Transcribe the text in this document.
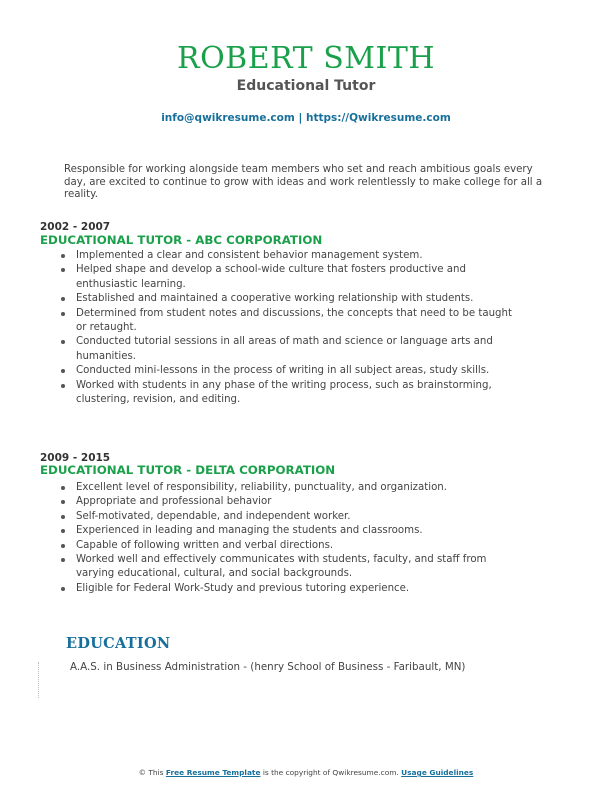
ROBERT SMITH
Educational Tutor
info@qwikresume.com | https://Qwikresume.com
Responsible for working alongside team members who set and reach ambitious goals every day, are excited to continue to grow with ideas and work relentlessly to make college for all a reality.
2002 - 2007
EDUCATIONAL TUTOR - ABC CORPORATION
Implemented a clear and consistent behavior management system.
Helped shape and develop a school-wide culture that fosters productive and enthusiastic learning.
Established and maintained a cooperative working relationship with students.
Determined from student notes and discussions, the concepts that need to be taught or retaught.
Conducted tutorial sessions in all areas of math and science or language arts and humanities.
Conducted mini-lessons in the process of writing in all subject areas, study skills.
Worked with students in any phase of the writing process, such as brainstorming, clustering, revision, and editing.
2009 - 2015
EDUCATIONAL TUTOR - DELTA CORPORATION
Excellent level of responsibility, reliability, punctuality, and organization.
Appropriate and professional behavior
Self-motivated, dependable, and independent worker.
Experienced in leading and managing the students and classrooms.
Capable of following written and verbal directions.
Worked well and effectively communicates with students, faculty, and staff from varying educational, cultural, and social backgrounds.
Eligible for Federal Work-Study and previous tutoring experience.
EDUCATION
A.A.S. in Business Administration - (henry School of Business - Faribault, MN)
© This Free Resume Template is the copyright of Qwikresume.com. Usage Guidelines
